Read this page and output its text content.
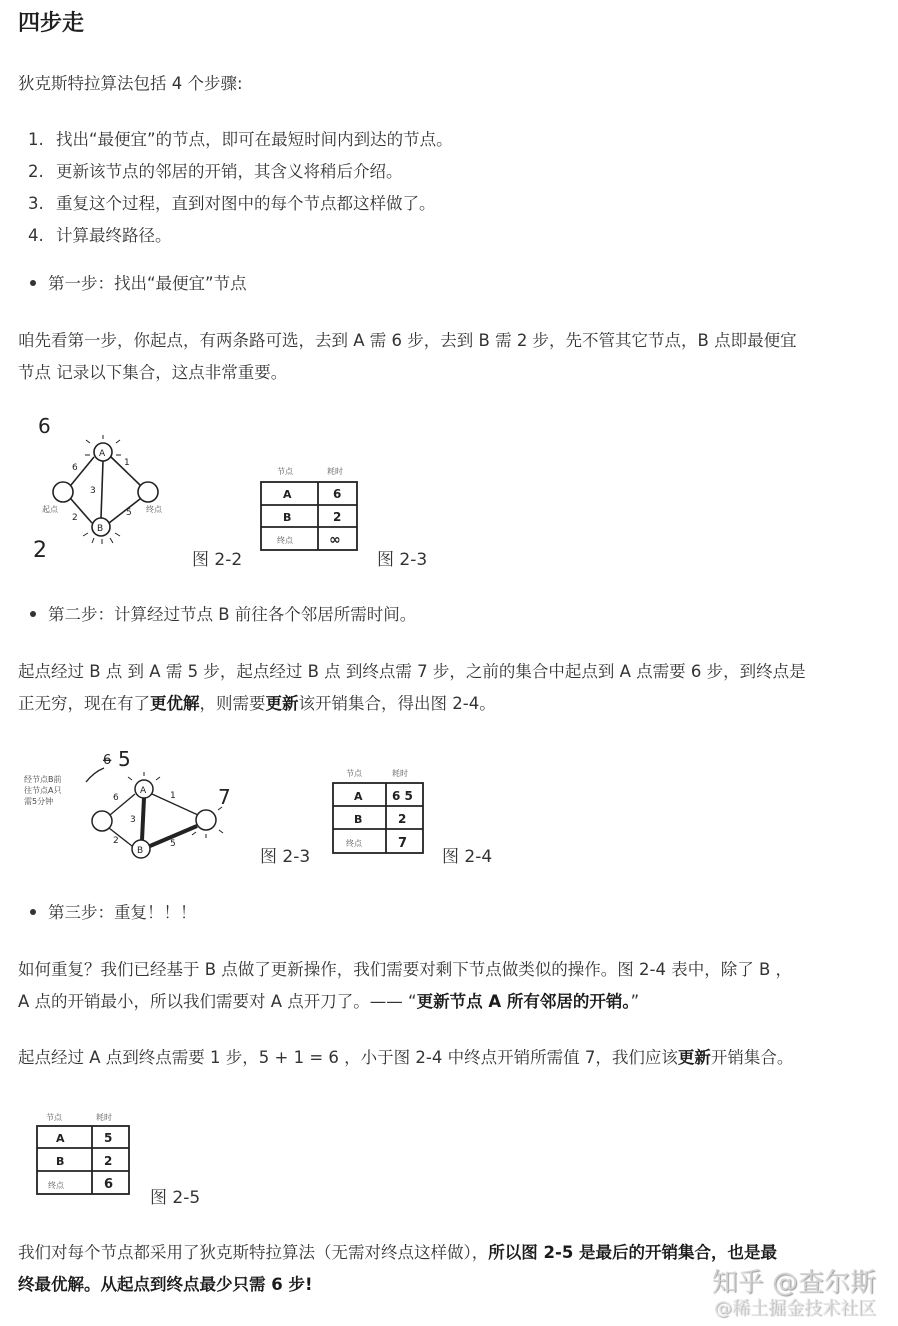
四步走
狄克斯特拉算法包括 4 个步骤:
1. 找出“最便宜”的节点，即可在最短时间内到达的节点。
2. 更新该节点的邻居的开销，其含义将稍后介绍。
3. 重复这个过程，直到对图中的每个节点都这样做了。
4. 计算最终路径。
第一步：找出“最便宜”节点
咱先看第一步，你起点，有两条路可选，去到 A 需 6 步，去到 B 需 2 步，先不管其它节点，B 点即最便宜
节点 记录以下集合，这点非常重要。
A
B
6
2
3
1
5
6
2
起点	终点
图 2-2
节点	耗时
A	6
B	2
终点	∞
图 2-3
第二步：计算经过节点 B 前往各个邻居所需时间。
起点经过 B 点 到 A 需 5 步，起点经过 B 点 到终点需 7 步，之前的集合中起点到 A 点需要 6 步，到终点是
正无穷，现在有了更优解，则需要更新该开销集合，得出图 2-4。
经节点B前
往节点A只
需5分钟
6 5
7
A
B
6
2
3
1
5
图 2-3
节点	耗时
A 6 5
B	2
终点	7
图 2-4
第三步：重复！！！
如何重复？我们已经基于 B 点做了更新操作，我们需要对剩下节点做类似的操作。图 2-4 表中，除了 B ，
A 点的开销最小，所以我们需要对 A 点开刀了。—— “更新节点 A 所有邻居的开销。”
起点经过 A 点到终点需要 1 步，5 + 1 = 6 ，小于图 2-4 中终点开销所需值 7，我们应该更新开销集合。
节点	耗时
A	5
B	2
终点	6
图 2-5
我们对每个节点都采用了狄克斯特拉算法（无需对终点这样做），所以图 2-5 是最后的开销集合，也是最
终最优解。从起点到终点最少只需 6 步!	知乎 @查尔斯
@稀土掘金技术社区
